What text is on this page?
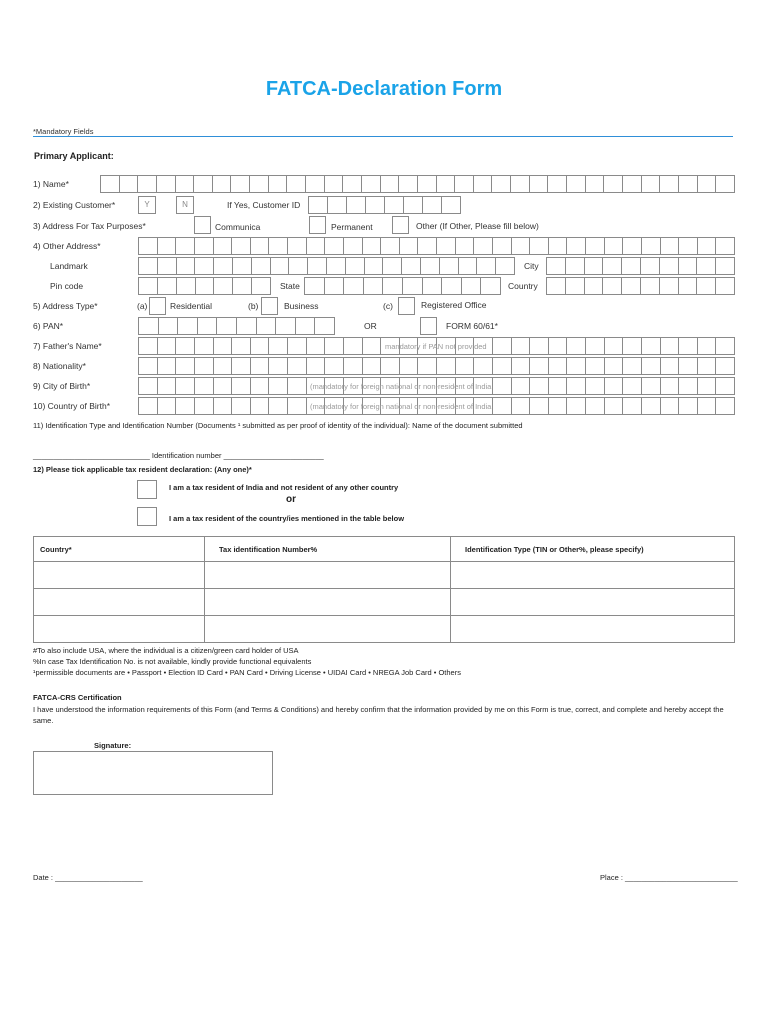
FATCA-Declaration Form
*Mandatory Fields
Primary Applicant:
1) Name*
2) Existing Customer*	Y	N	If Yes, Customer ID
3) Address For Tax Purposes*	Communica	Permanent	Other (If Other, Please fill below)
4) Other Address*
Landmark	City
Pin code	State	Country
5) Address Type*	(a)	Residential	(b)	Business	(c)	Registered Office
6) PAN*	OR	FORM 60/61*
7) Father's Name*	mandatory if PAN not provided
8) Nationality*
9) City of Birth*	(mandatory for foreign national or non-resident of India
10) Country of Birth*	(mandatory for foreign national or non-resident of India
11) Identification Type and Identification Number (Documents ¹ submitted as per proof of identity of the individual): Name of the document submitted
____________________________ Identification number ________________________
12) Please tick applicable tax resident declaration: (Any one)*
I am a tax resident of India and not resident of any other country
or
I am a tax resident of the country/ies mentioned in the table below
Country*	Tax identification Number%	Identification Type (TIN or Other%, please specify)

#To also include USA, where the individual is a citizen/green card holder of USA
%In case Tax Identification No. is not available, kindly provide functional equivalents
¹permissible documents are • Passport • Election ID Card • PAN Card • Driving License • UIDAI Card • NREGA Job Card • Others
FATCA-CRS Certification
I have understood the information requirements of this Form (and Terms & Conditions) and hereby confirm that the information provided by me on this Form is true, correct, and complete and hereby accept the same.
Signature:
Date : _____________________	Place : ___________________________
